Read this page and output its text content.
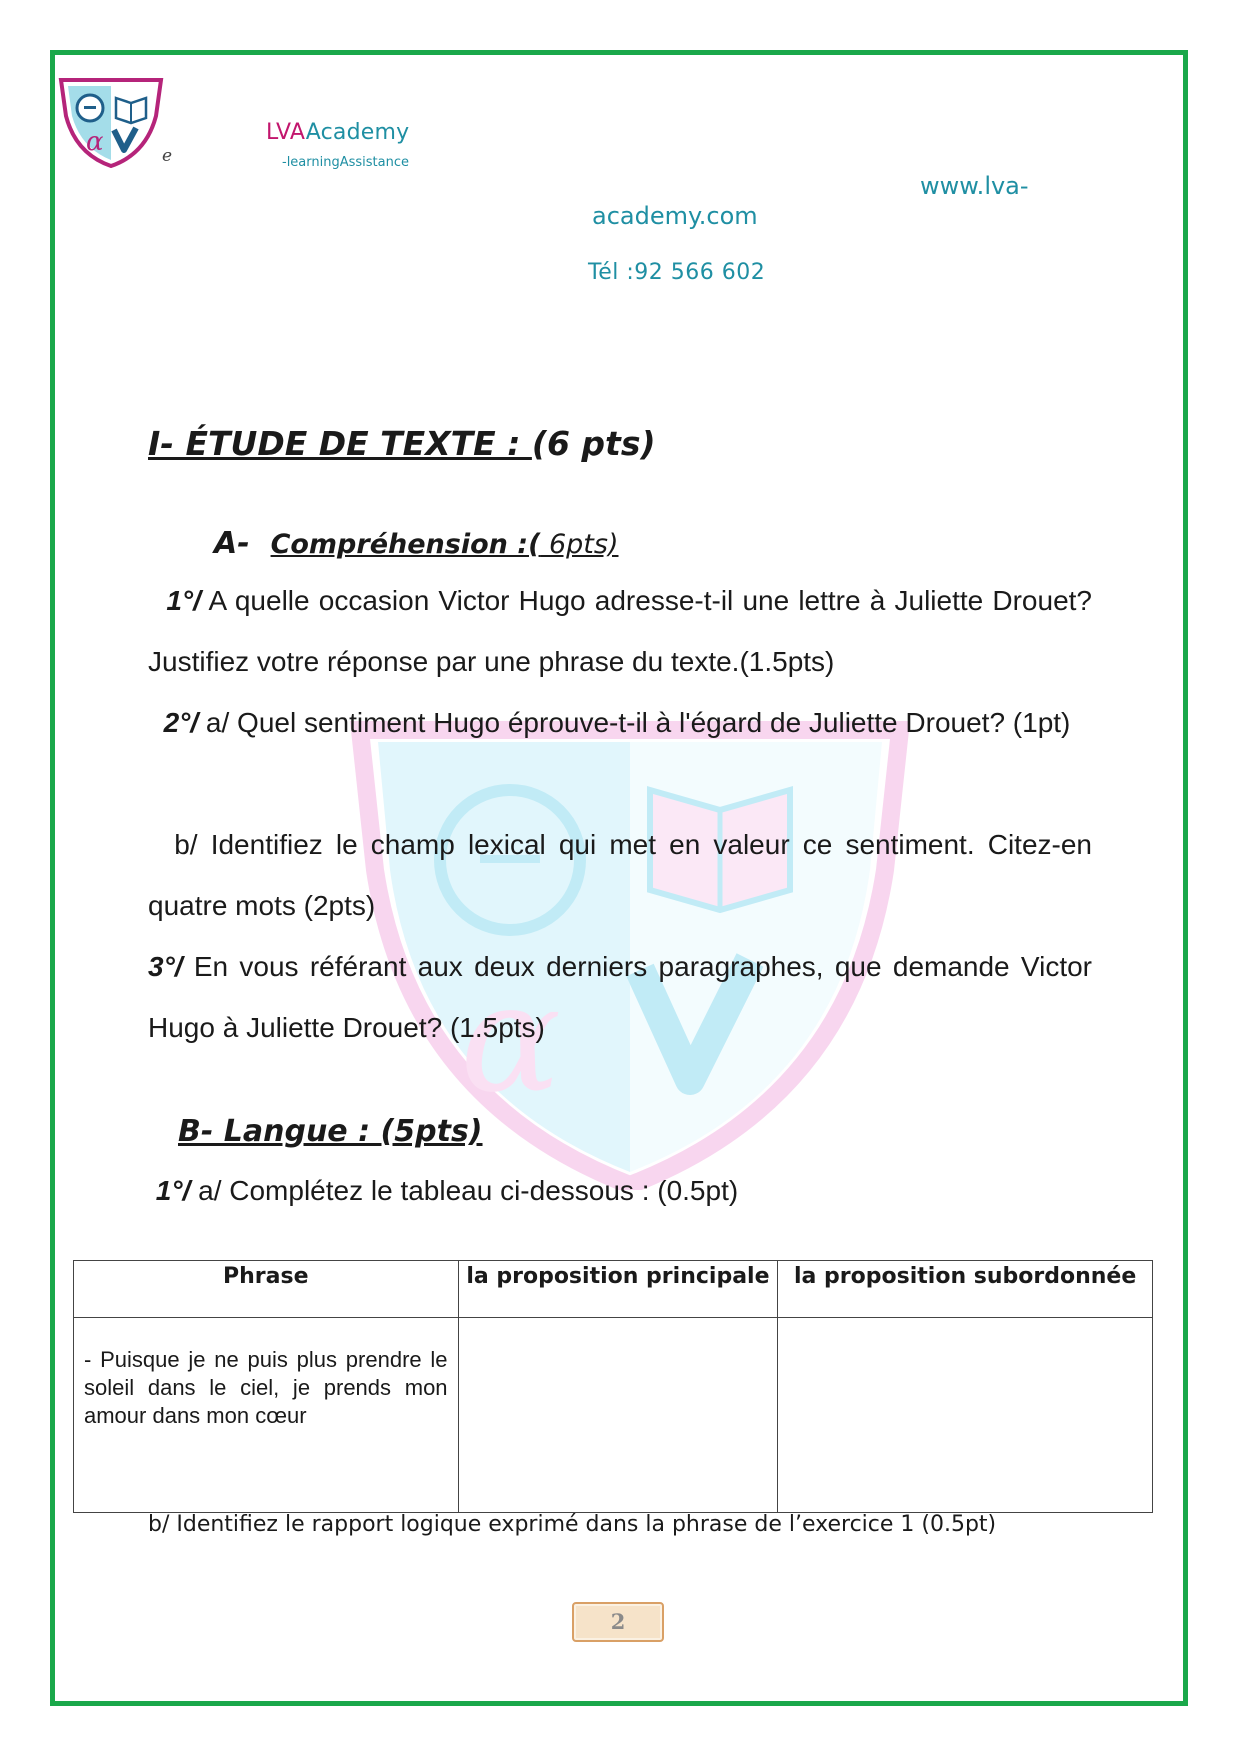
α	e
LVAAcademy
-learningAssistance
www.lva-
academy.com
Tél :92 566 602
α
I- ÉTUDE DE TEXTE : (6 pts)
A- Compréhension :( 6pts)
1°/ A quelle occasion Victor Hugo adresse-t-il une lettre à Juliette Drouet? Justifiez votre réponse par une phrase du texte.(1.5pts)
2°/ a/ Quel sentiment Hugo éprouve-t-il à l'égard de Juliette Drouet? (1pt)
b/ Identifiez le champ lexical qui met en valeur ce sentiment. Citez-en quatre mots (2pts)
3°/ En vous référant aux deux derniers paragraphes, que demande Victor Hugo à Juliette Drouet? (1.5pts)
B- Langue : (5pts)
1°/ a/ Complétez le tableau ci-dessous : (0.5pt)
Phrase	la proposition principale	la proposition subordonnée
- Puisque je ne puis plus prendre le soleil dans le ciel, je prends mon amour dans mon cœur		
b/ Identifiez le rapport logique exprimé dans la phrase de l’exercice 1 (0.5pt)
2
